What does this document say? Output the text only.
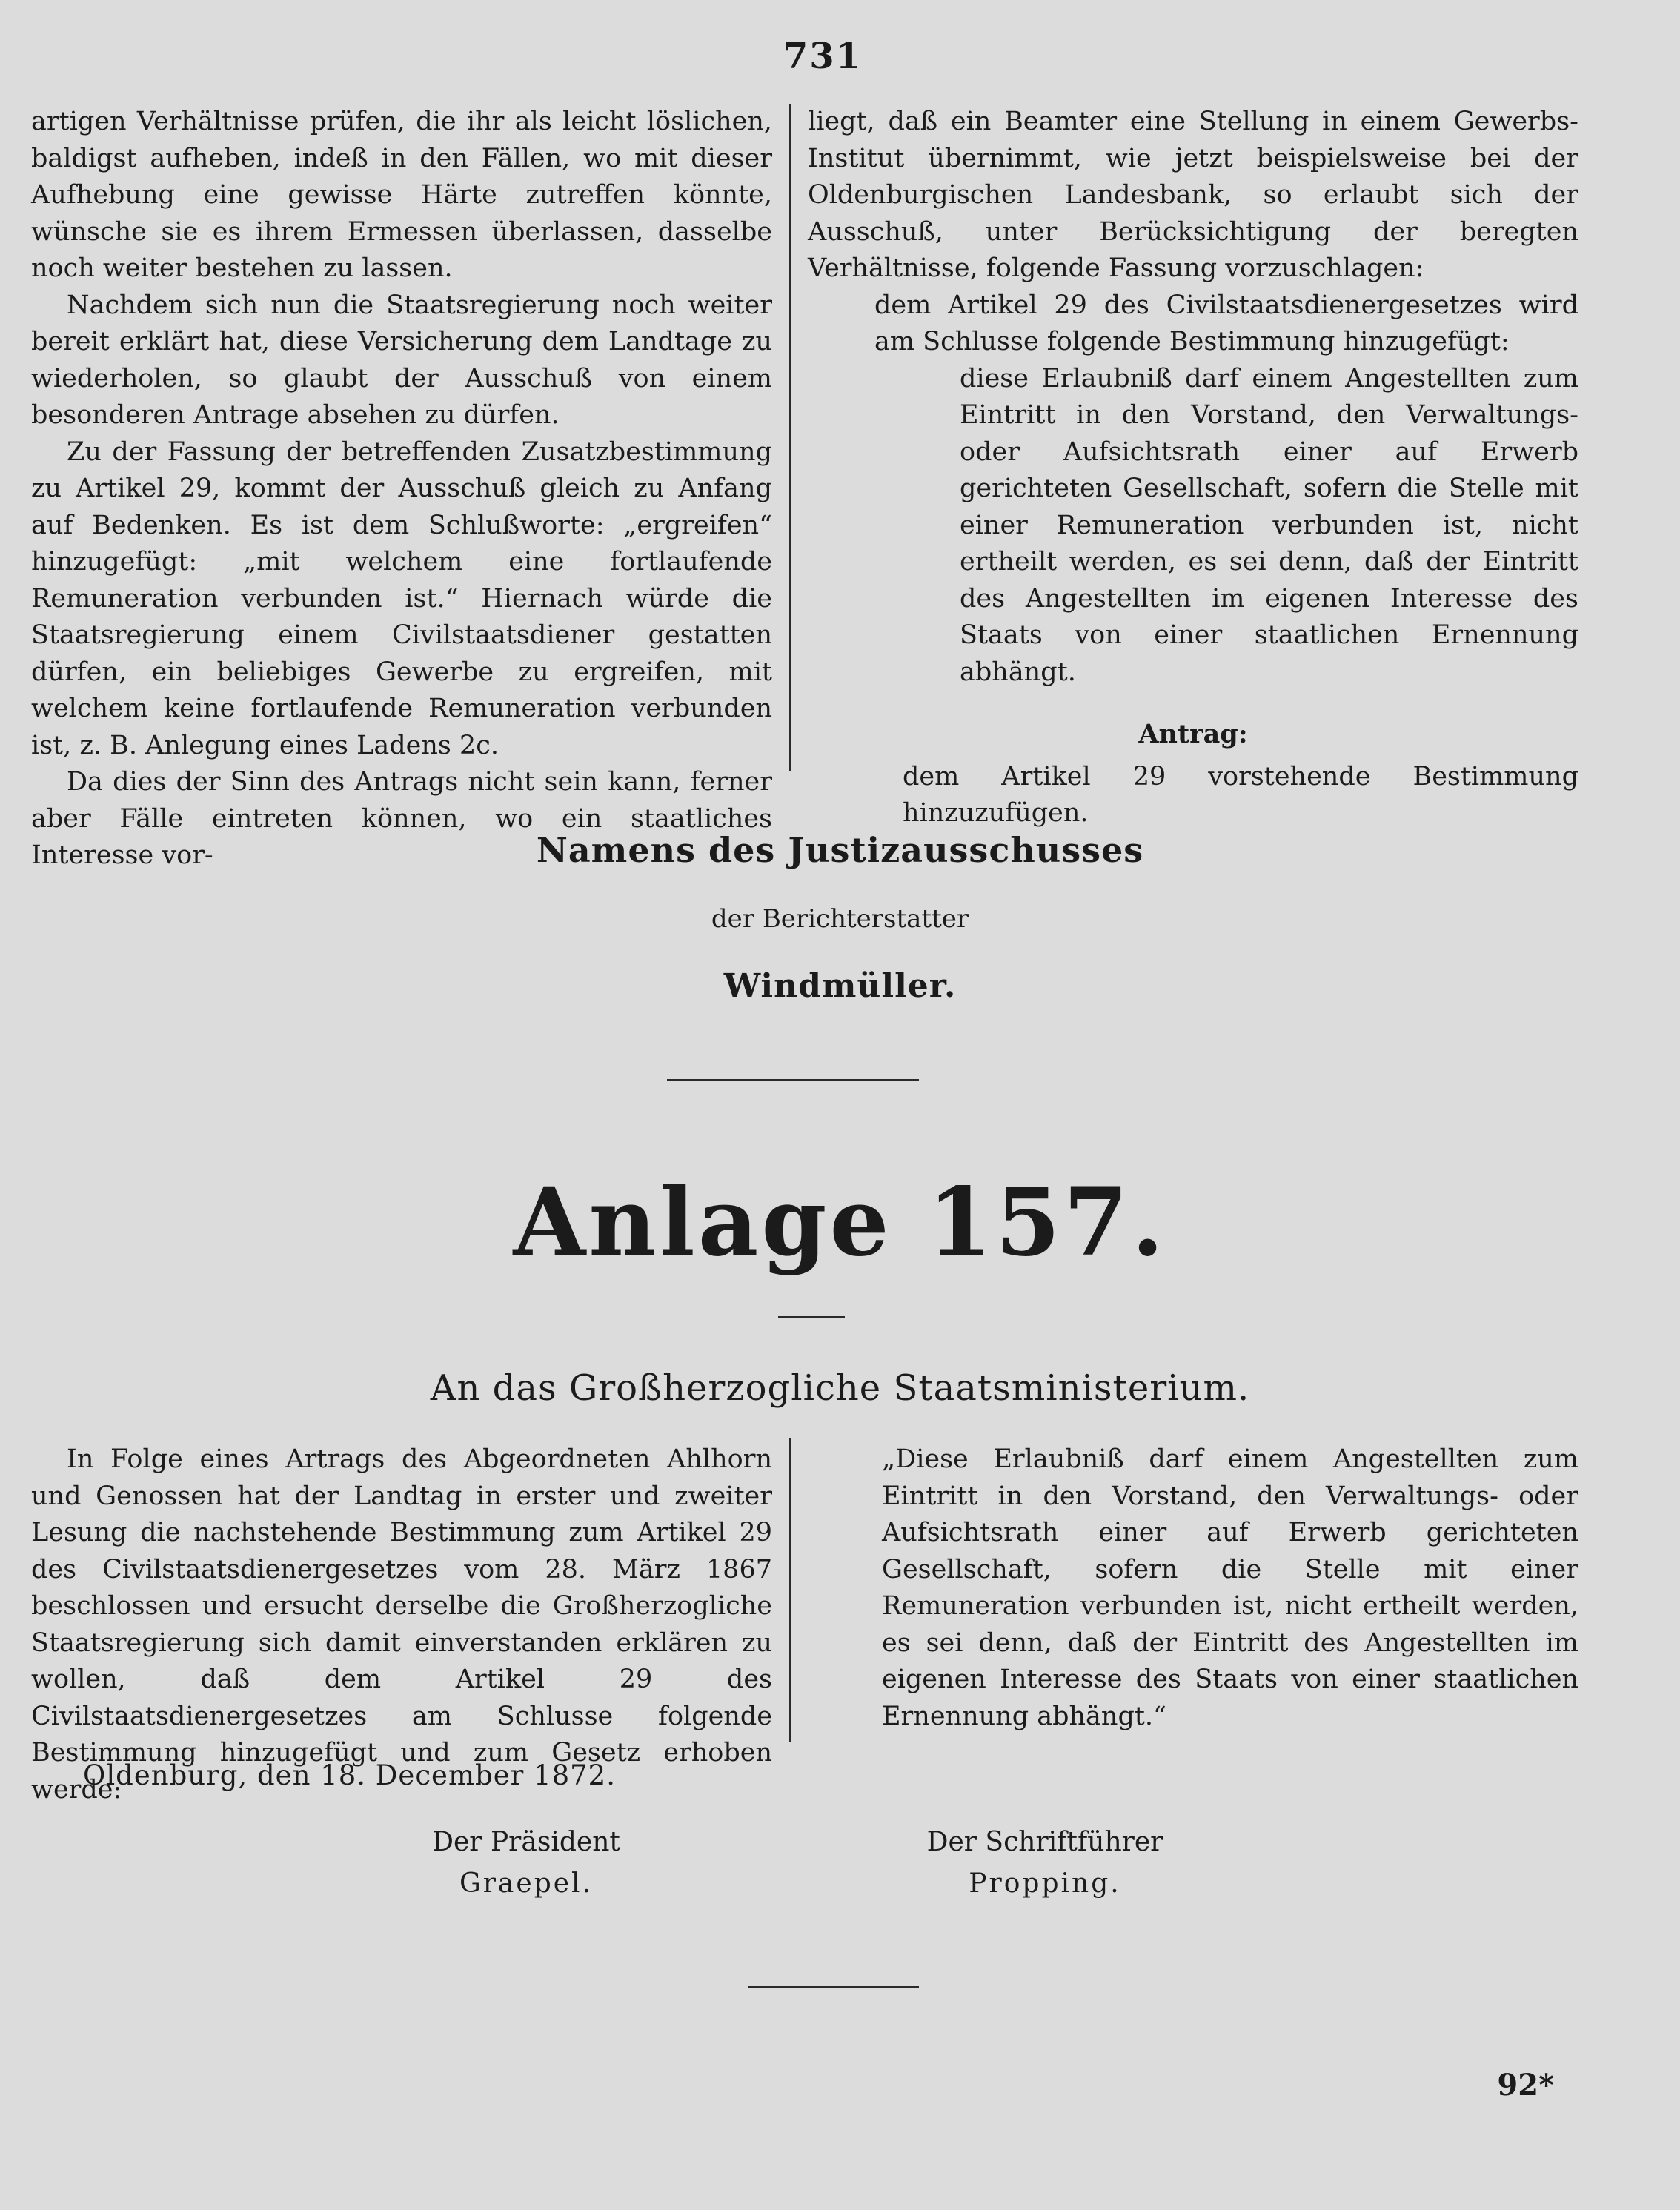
731

artigen Verhältnisse prüfen, die ihr als leicht löslichen, baldigst aufheben, indeß in den Fällen, wo mit dieser Aufhebung eine gewisse Härte zutreffen könnte, wünsche sie es ihrem Ermessen überlassen, dasselbe noch weiter bestehen zu lassen.

Nachdem sich nun die Staatsregierung noch weiter bereit erklärt hat, diese Versicherung dem Landtage zu wiederholen, so glaubt der Ausschuß von einem besonderen Antrage absehen zu dürfen.

Zu der Fassung der betreffenden Zusatzbestimmung zu Artikel 29, kommt der Ausschuß gleich zu Anfang auf Bedenken. Es ist dem Schlußworte: „ergreifen“ hinzugefügt: „mit welchem eine fortlaufende Remuneration verbunden ist.“ Hiernach würde die Staatsregierung einem Civilstaatsdiener gestatten dürfen, ein beliebiges Gewerbe zu ergreifen, mit welchem keine fortlaufende Remuneration verbunden ist, z. B. Anlegung eines Ladens 2c.

Da dies der Sinn des Antrags nicht sein kann, ferner aber Fälle eintreten können, wo ein staatliches Interesse vor-

liegt, daß ein Beamter eine Stellung in einem Gewerbs-Institut übernimmt, wie jetzt beispielsweise bei der Oldenburgischen Landesbank, so erlaubt sich der Ausschuß, unter Berücksichtigung der beregten Verhältnisse, folgende Fassung vorzuschlagen:

dem Artikel 29 des Civilstaatsdienergesetzes wird am Schlusse folgende Bestimmung hinzugefügt:

diese Erlaubniß darf einem Angestellten zum Eintritt in den Vorstand, den Verwaltungs- oder Aufsichtsrath einer auf Erwerb gerichteten Gesellschaft, sofern die Stelle mit einer Remuneration verbunden ist, nicht ertheilt werden, es sei denn, daß der Eintritt des Angestellten im eigenen Interesse des Staats von einer staatlichen Ernennung abhängt.

Antrag:

dem Artikel 29 vorstehende Bestimmung hinzuzufügen.

Namens des Justizausschusses
der Berichterstatter
Windmüller.
Anlage 157.
An das Großherzogliche Staatsministerium.

In Folge eines Artrags des Abgeordneten Ahlhorn und Genossen hat der Landtag in erster und zweiter Lesung die nachstehende Bestimmung zum Artikel 29 des Civilstaatsdienergesetzes vom 28. März 1867 beschlossen und ersucht derselbe die Großherzogliche Staatsregierung sich damit einverstanden erklären zu wollen, daß dem Artikel 29 des Civilstaatsdienergesetzes am Schlusse folgende Bestimmung hinzugefügt und zum Gesetz erhoben werde:

„Diese Erlaubniß darf einem Angestellten zum Eintritt in den Vorstand, den Verwaltungs- oder Aufsichtsrath einer auf Erwerb gerichteten Gesellschaft, sofern die Stelle mit einer Remuneration verbunden ist, nicht ertheilt werden, es sei denn, daß der Eintritt des Angestellten im eigenen Interesse des Staats von einer staatlichen Ernennung abhängt.“

Oldenburg, den 18. December 1872.
Der Präsident
Graepel.
Der Schriftführer
Propping.
92*
